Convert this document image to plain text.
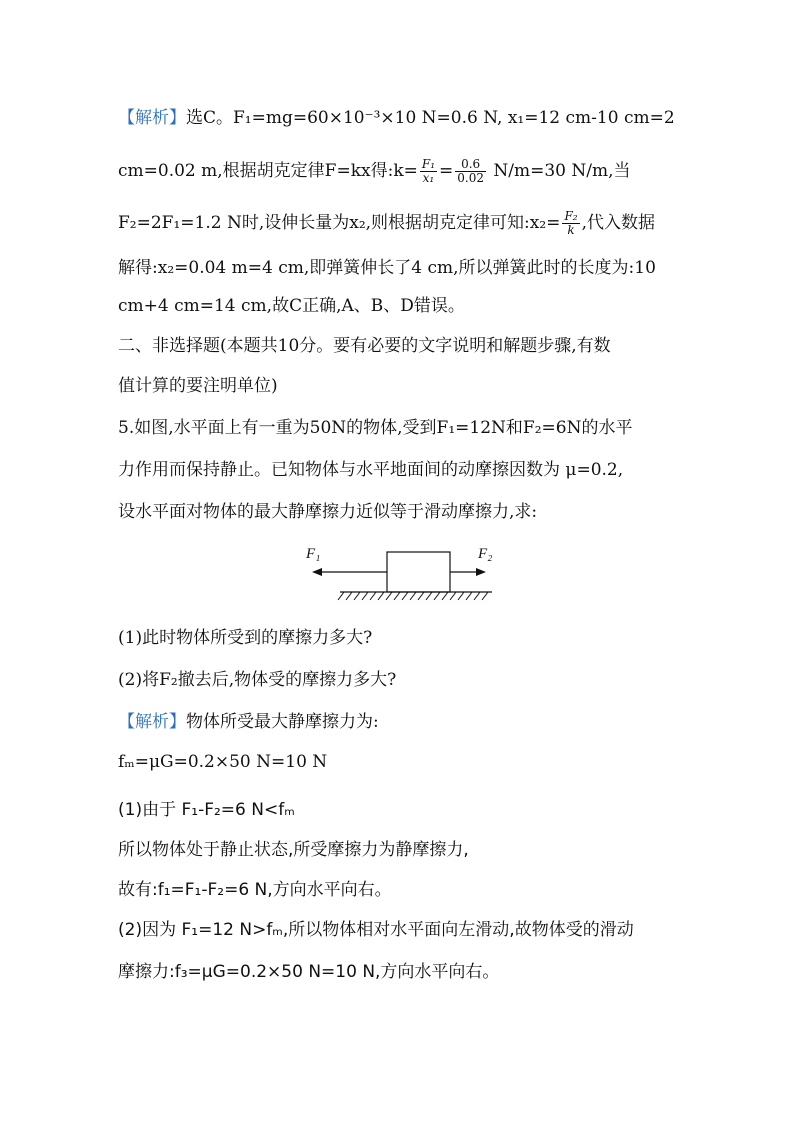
【解析】选C。F₁=mg=60×10⁻³×10 N=0.6 N, x₁=12 cm-10 cm=2
cm=0.02 m,根据胡克定律F=kx得:k= $\frac{\text{F₁}}{\text{x₁}} = \frac{0.6}{0.02} N/m=30$ N/m,当
F₂=2F₁=1.2 N时,设伸长量为x₂,则根据胡克定律可知:x₂= $\frac{\text{F₂}}{k}$ ,代入数据
解得:x₂=0.04 m=4 cm,即弹簧伸长了4 cm,所以弹簧此时的长度为:10
cm+4 cm=14 cm,故C正确,A、B、D错误。
二、非选择题(本题共10分。要有必要的文字说明和解题步骤,有数
值计算的要注明单位)
5.如图,水平面上有一重为50N的物体,受到F₁=12N和F₂=6N的水平
力作用而保持静止。已知物体与水平地面间的动摩擦因数为 μ=0.2,
设水平面对物体的最大静摩擦力近似等于滑动摩擦力,求:
F₁	F₂
(1)此时物体所受到的摩擦力多大?
(2)将F₂撤去后,物体受的摩擦力多大?
【解析】物体所受最大静摩擦力为:
fₘ=μG=0.2×50 N=10 N
(1)由于 F₁-F₂=6 N<fₘ
所以物体处于静止状态,所受摩擦力为静摩擦力,
故有:f₁=F₁-F₂=6 N,方向水平向右。
(2)因为 F₁=12 N>fₘ,所以物体相对水平面向左滑动,故物体受的滑动
摩擦力:f₃=μG=0.2×50 N=10 N,方向水平向右。
